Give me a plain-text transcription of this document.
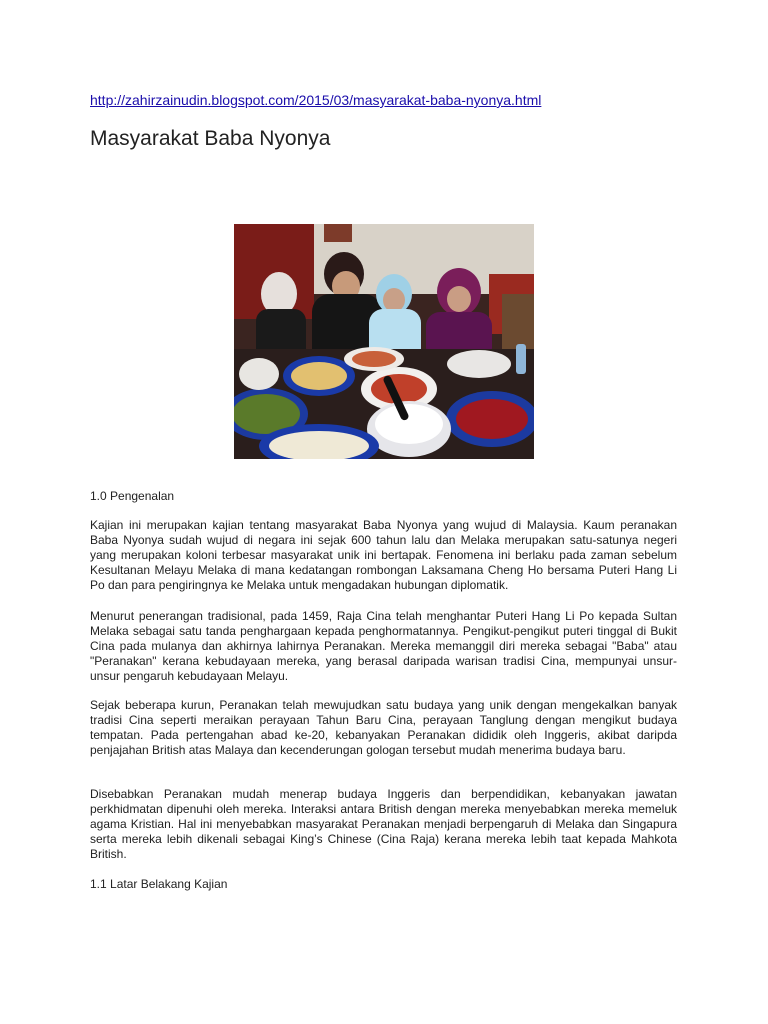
http://zahirzainudin.blogspot.com/2015/03/masyarakat-baba-nyonya.html
Masyarakat Baba Nyonya
1.0 Pengenalan

Kajian ini merupakan kajian tentang masyarakat Baba Nyonya yang wujud di Malaysia. Kaum peranakan Baba Nyonya sudah wujud di negara ini sejak 600 tahun lalu dan Melaka merupakan satu-satunya negeri yang merupakan koloni terbesar masyarakat unik ini bertapak. Fenomena ini berlaku pada zaman sebelum Kesultanan Melayu Melaka di mana kedatangan rombongan Laksamana Cheng Ho bersama Puteri Hang Li Po dan para pengiringnya ke Melaka untuk mengadakan hubungan diplomatik.

Menurut penerangan tradisional, pada 1459, Raja Cina telah menghantar Puteri Hang Li Po kepada Sultan Melaka sebagai satu tanda penghargaan kepada penghormatannya. Pengikut-pengikut puteri tinggal di Bukit Cina pada mulanya dan akhirnya lahirnya Peranakan. Mereka memanggil diri mereka sebagai "Baba" atau "Peranakan" kerana kebudayaan mereka, yang berasal daripada warisan tradisi Cina, mempunyai unsur-unsur pengaruh kebudayaan Melayu.

Sejak beberapa kurun, Peranakan telah mewujudkan satu budaya yang unik dengan mengekalkan banyak tradisi Cina seperti meraikan perayaan Tahun Baru Cina, perayaan Tanglung dengan mengikut budaya tempatan. Pada pertengahan abad ke-20, kebanyakan Peranakan dididik oleh Inggeris, akibat daripda penjajahan British atas Malaya dan kecenderungan gologan tersebut mudah menerima budaya baru.

Disebabkan Peranakan mudah menerap budaya Inggeris dan berpendidikan, kebanyakan jawatan perkhidmatan dipenuhi oleh mereka. Interaksi antara British dengan mereka menyebabkan mereka memeluk agama Kristian. Hal ini menyebabkan masyarakat Peranakan menjadi berpengaruh di Melaka dan Singapura serta mereka lebih dikenali sebagai King’s Chinese (Cina Raja) kerana mereka lebih taat kepada Mahkota British.

1.1 Latar Belakang Kajian
